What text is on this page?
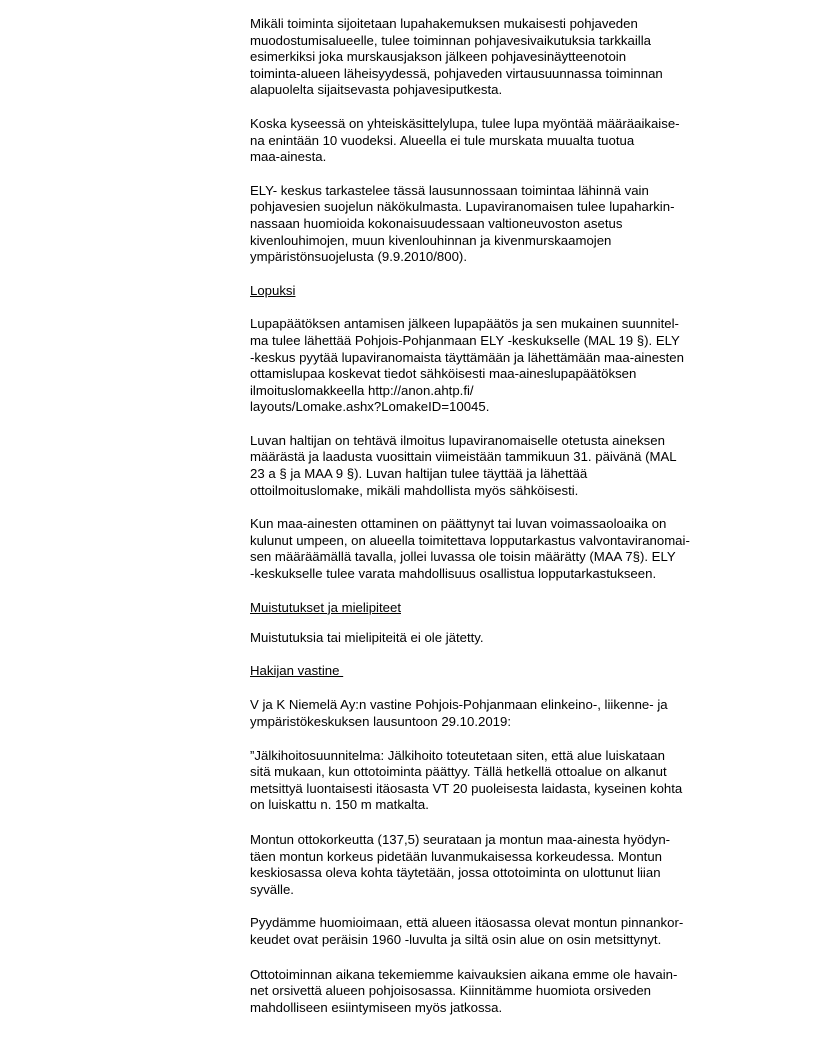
Mikäli toiminta sijoitetaan lupahakemuksen mukaisesti pohjaveden
muodostumisalueelle, tulee toiminnan pohjavesivaikutuksia tarkkailla
esimerkiksi joka murskausjakson jälkeen pohjavesinäytteenotoin
toiminta-alueen läheisyydessä, pohjaveden virtausuunnassa toiminnan
alapuolelta sijaitsevasta pohjavesiputkesta.
Koska kyseessä on yhteiskäsittelylupa, tulee lupa myöntää määräaikaise-
na enintään 10 vuodeksi. Alueella ei tule murskata muualta tuotua
maa-ainesta.
ELY- keskus tarkastelee tässä lausunnossaan toimintaa lähinnä vain
pohjavesien suojelun näkökulmasta. Lupaviranomaisen tulee lupaharkin-
nassaan huomioida kokonaisuudessaan valtioneuvoston asetus
kivenlouhimojen, muun kivenlouhinnan ja kivenmurskaamojen
ympäristönsuojelusta (9.9.2010/800).
Lopuksi
Lupapäätöksen antamisen jälkeen lupapäätös ja sen mukainen suunnitel-
ma tulee lähettää Pohjois-Pohjanmaan ELY -keskukselle (MAL 19 §). ELY
-keskus pyytää lupaviranomaista täyttämään ja lähettämään maa-ainesten
ottamislupaa koskevat tiedot sähköisesti maa-aineslupapäätöksen
ilmoituslomakkeella http://anon.ahtp.fi/
layouts/Lomake.ashx?LomakeID=10045.
Luvan haltijan on tehtävä ilmoitus lupaviranomaiselle otetusta aineksen
määrästä ja laadusta vuosittain viimeistään tammikuun 31. päivänä (MAL
23 a § ja MAA 9 §). Luvan haltijan tulee täyttää ja lähettää
ottoilmoituslomake, mikäli mahdollista myös sähköisesti.
Kun maa-ainesten ottaminen on päättynyt tai luvan voimassaoloaika on
kulunut umpeen, on alueella toimitettava lopputarkastus valvontaviranomai-
sen määräämällä tavalla, jollei luvassa ole toisin määrätty (MAA 7§). ELY
-keskukselle tulee varata mahdollisuus osallistua lopputarkastukseen.
Muistutukset ja mielipiteet
Muistutuksia tai mielipiteitä ei ole jätetty.
Hakijan vastine
V ja K Niemelä Ay:n vastine Pohjois-Pohjanmaan elinkeino-, liikenne- ja
ympäristökeskuksen lausuntoon 29.10.2019:
”Jälkihoitosuunnitelma: Jälkihoito toteutetaan siten, että alue luiskataan
sitä mukaan, kun ottotoiminta päättyy. Tällä hetkellä ottoalue on alkanut
metsittyä luontaisesti itäosasta VT 20 puoleisesta laidasta, kyseinen kohta
on luiskattu n. 150 m matkalta.
Montun ottokorkeutta (137,5) seurataan ja montun maa-ainesta hyödyn-
täen montun korkeus pidetään luvanmukaisessa korkeudessa. Montun
keskiosassa oleva kohta täytetään, jossa ottotoiminta on ulottunut liian
syvälle.
Pyydämme huomioimaan, että alueen itäosassa olevat montun pinnankor-
keudet ovat peräisin 1960 -luvulta ja siltä osin alue on osin metsittynyt.
Ottotoiminnan aikana tekemiemme kaivauksien aikana emme ole havain-
net orsivettä alueen pohjoisosassa. Kiinnitämme huomiota orsiveden
mahdolliseen esiintymiseen myös jatkossa.
